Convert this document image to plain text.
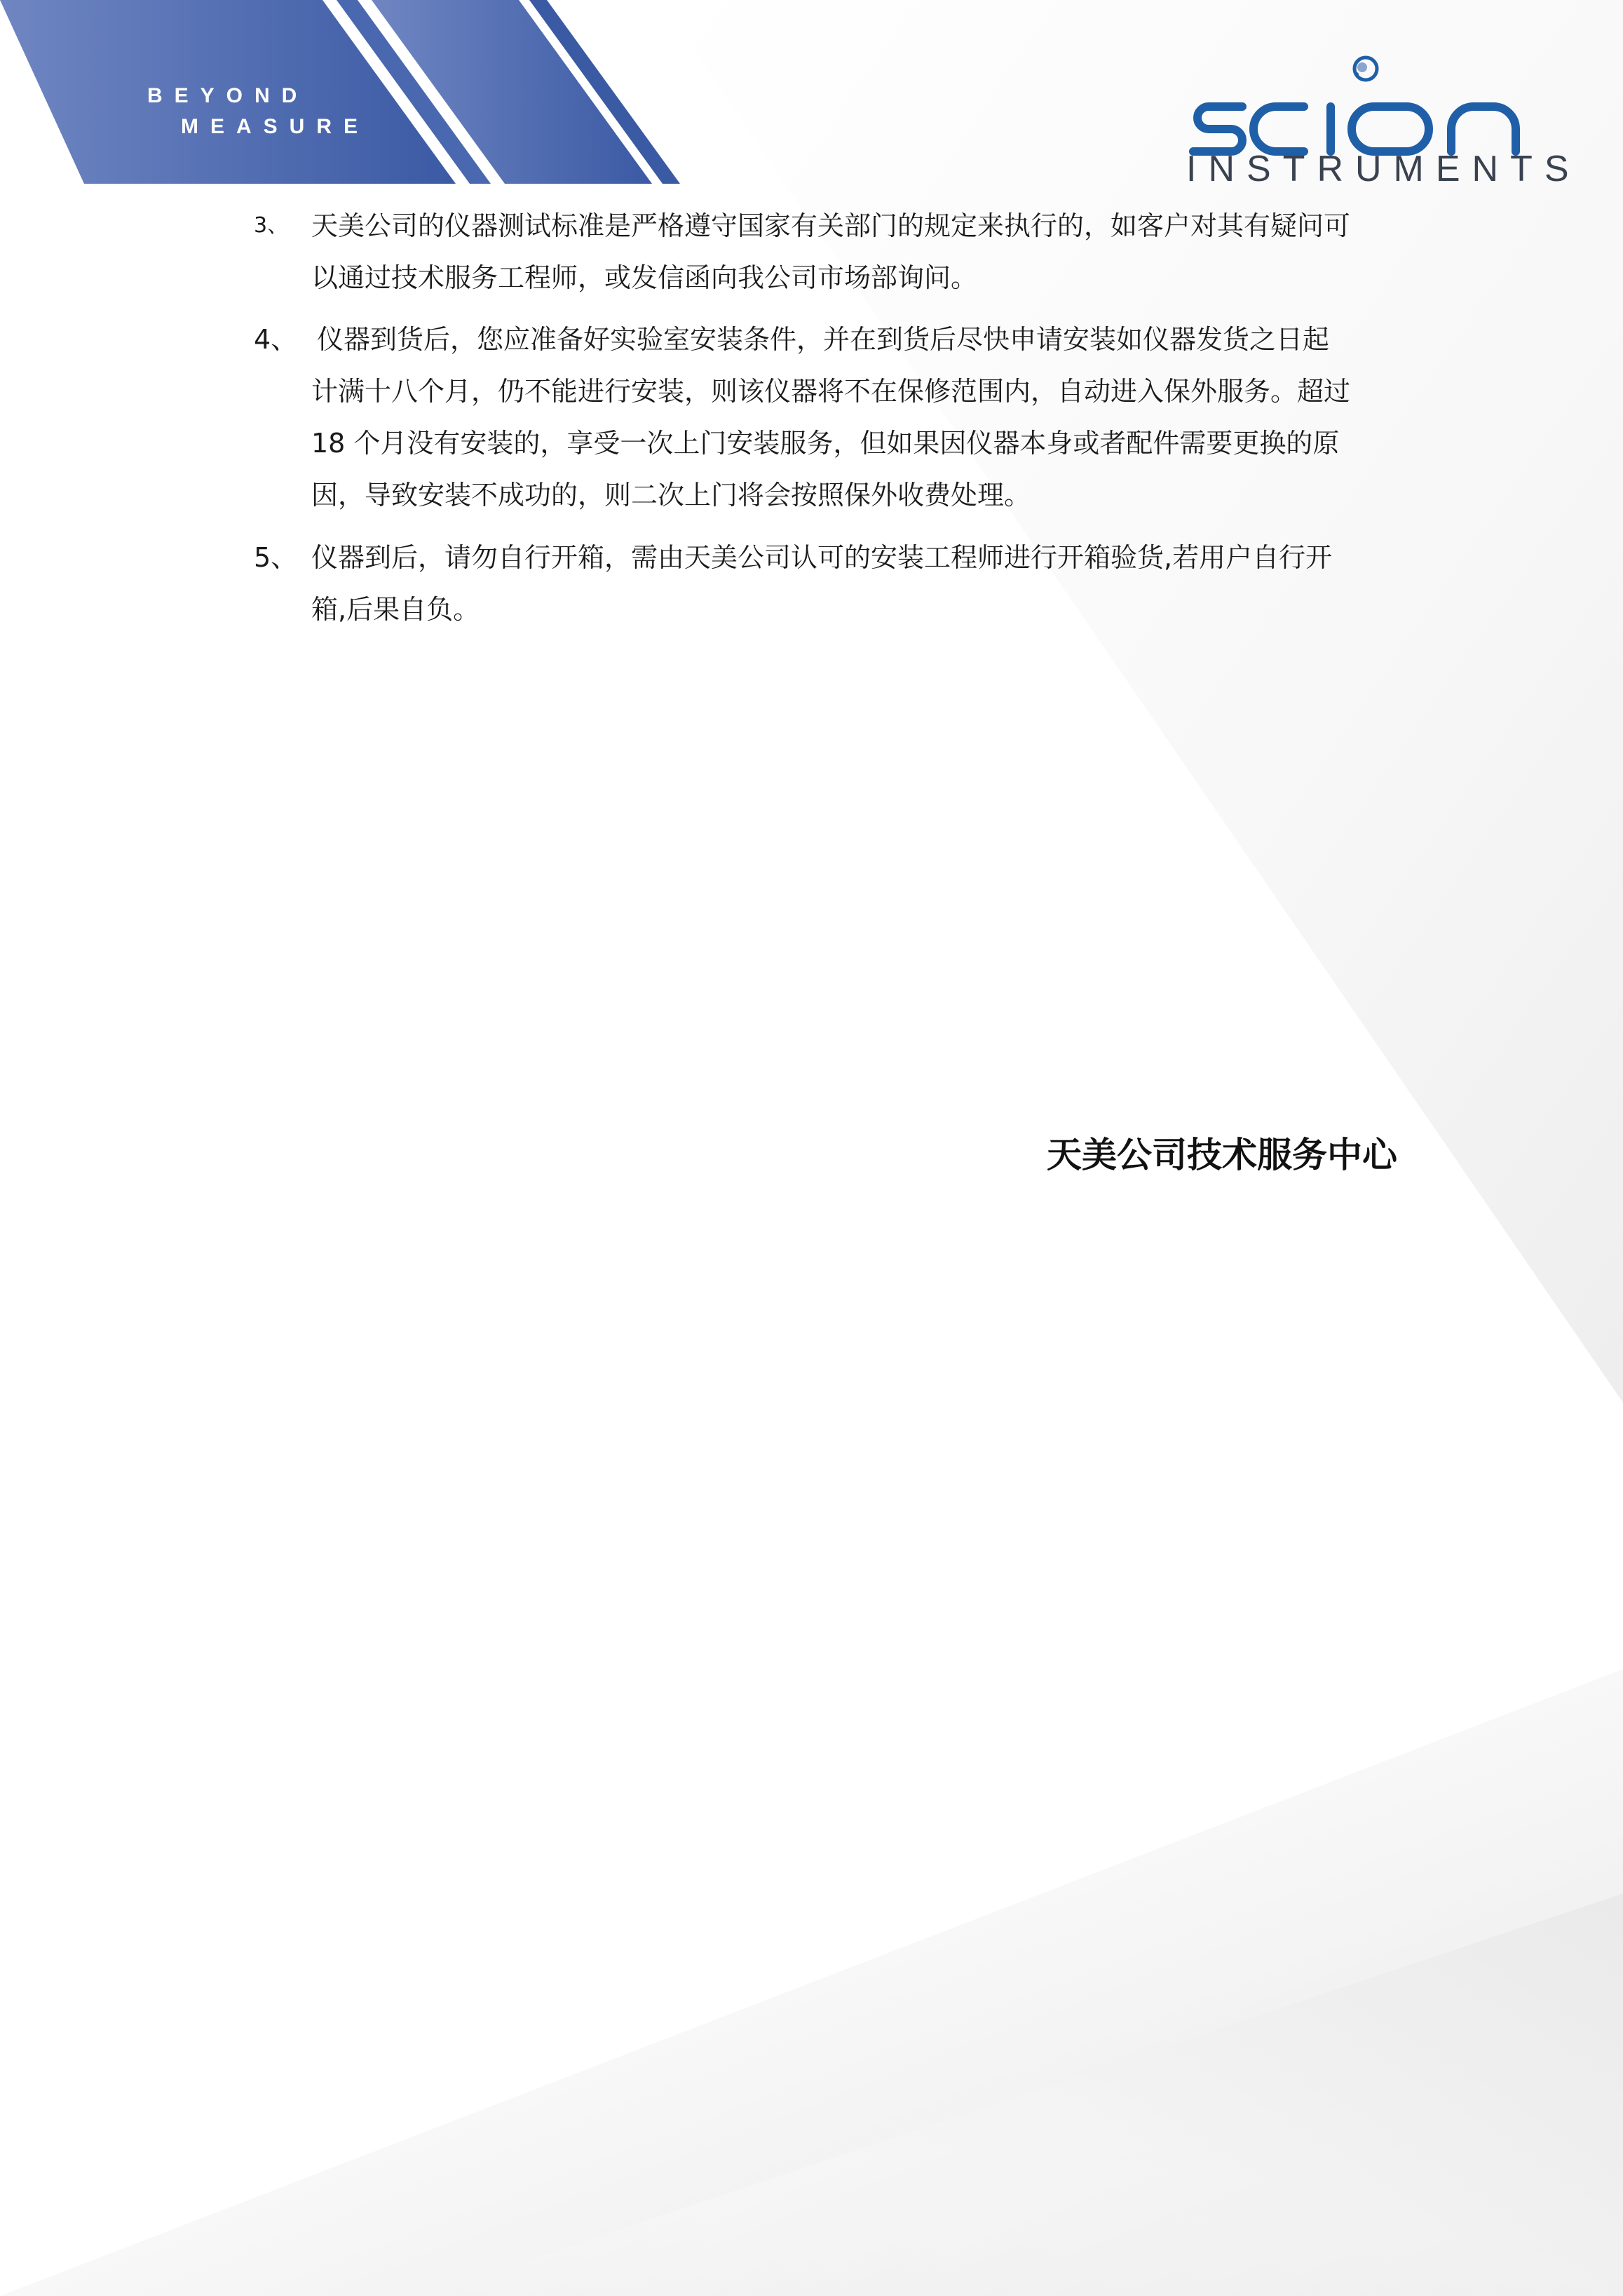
BEYOND
MEASURE
INSTRUMENTS
3、 天美公司的仪器测试标准是严格遵守国家有关部门的规定来执行的，如客户对其有疑问可
以通过技术服务工程师，或发信函向我公司市场部询问。
4、 仪器到货后，您应准备好实验室安装条件，并在到货后尽快申请安装如仪器发货之日起
计满十八个月，仍不能进行安装，则该仪器将不在保修范围内，自动进入保外服务。超过
18 个月没有安装的，享受一次上门安装服务，但如果因仪器本身或者配件需要更换的原
因，导致安装不成功的，则二次上门将会按照保外收费处理。
5、 仪器到后，请勿自行开箱，需由天美公司认可的安装工程师进行开箱验货,若用户自行开
箱,后果自负。
天美公司技术服务中心
